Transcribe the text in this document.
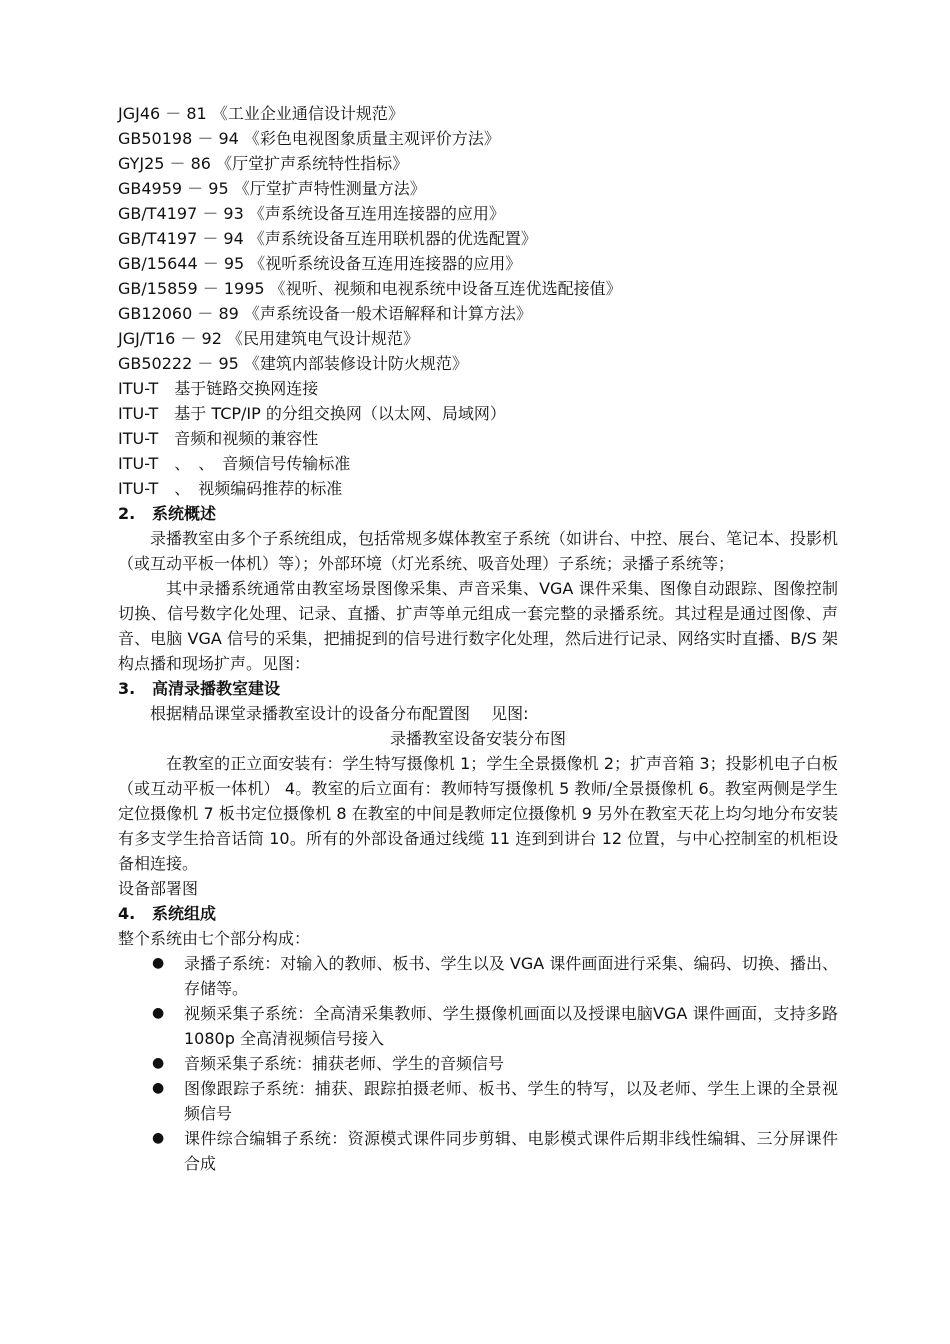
JGJ46 － 81 《工业企业通信设计规范》
GB50198 － 94 《彩色电视图象质量主观评价方法》
GYJ25 － 86 《厅堂扩声系统特性指标》
GB4959 － 95 《厅堂扩声特性测量方法》
GB/T4197 － 93 《声系统设备互连用连接器的应用》
GB/T4197 － 94 《声系统设备互连用联机器的优选配置》
GB/15644 － 95 《视听系统设备互连用连接器的应用》
GB/15859 － 1995 《视听、视频和电视系统中设备互连优选配接值》
GB12060 － 89 《声系统设备一般术语解释和计算方法》
JGJ/T16 － 92 《民用建筑电气设计规范》
GB50222 － 95 《建筑内部装修设计防火规范》
ITU-T　基于链路交换网连接
ITU-T　基于 TCP/IP 的分组交换网（以太网、局域网）
ITU-T　音频和视频的兼容性
ITU-T　、　、　音频信号传输标准
ITU-T　、　视频编码推荐的标准
2. 系统概述
录播教室由多个子系统组成，包括常规多媒体教室子系统（如讲台、中控、展台、笔记本、投影机（或互动平板一体机）等）；外部环境（灯光系统、吸音处理）子系统；录播子系统等；
其中录播系统通常由教室场景图像采集、声音采集、VGA 课件采集、图像自动跟踪、图像控制切换、信号数字化处理、记录、直播、扩声等单元组成一套完整的录播系统。其过程是通过图像、声音、电脑 VGA 信号的采集，把捕捉到的信号进行数字化处理，然后进行记录、网络实时直播、B/S 架构点播和现场扩声。见图：
3. 高清录播教室建设
根据精品课堂录播教室设计的设备分布配置图　 见图:
录播教室设备安装分布图
在教室的正立面安装有：学生特写摄像机 1；学生全景摄像机 2；扩声音箱 3；投影机电子白板（或互动平板一体机） 4。教室的后立面有：教师特写摄像机 5 教师/全景摄像机 6。教室两侧是学生定位摄像机 7 板书定位摄像机 8 在教室的中间是教师定位摄像机 9 另外在教室天花上均匀地分布安装有多支学生拾音话筒 10。所有的外部设备通过线缆 11 连到到讲台 12 位置，与中心控制室的机柜设备相连接。
设备部署图
4. 系统组成
整个系统由七个部分构成：
● 录播子系统：对输入的教师、板书、学生以及 VGA 课件画面进行采集、编码、切换、播出、存储等。
● 视频采集子系统：全高清采集教师、学生摄像机画面以及授课电脑VGA 课件画面，支持多路 1080p 全高清视频信号接入
● 音频采集子系统：捕获老师、学生的音频信号
● 图像跟踪子系统：捕获、跟踪拍摄老师、板书、学生的特写，以及老师、学生上课的全景视频信号
● 课件综合编辑子系统：资源模式课件同步剪辑、电影模式课件后期非线性编辑、三分屏课件合成
